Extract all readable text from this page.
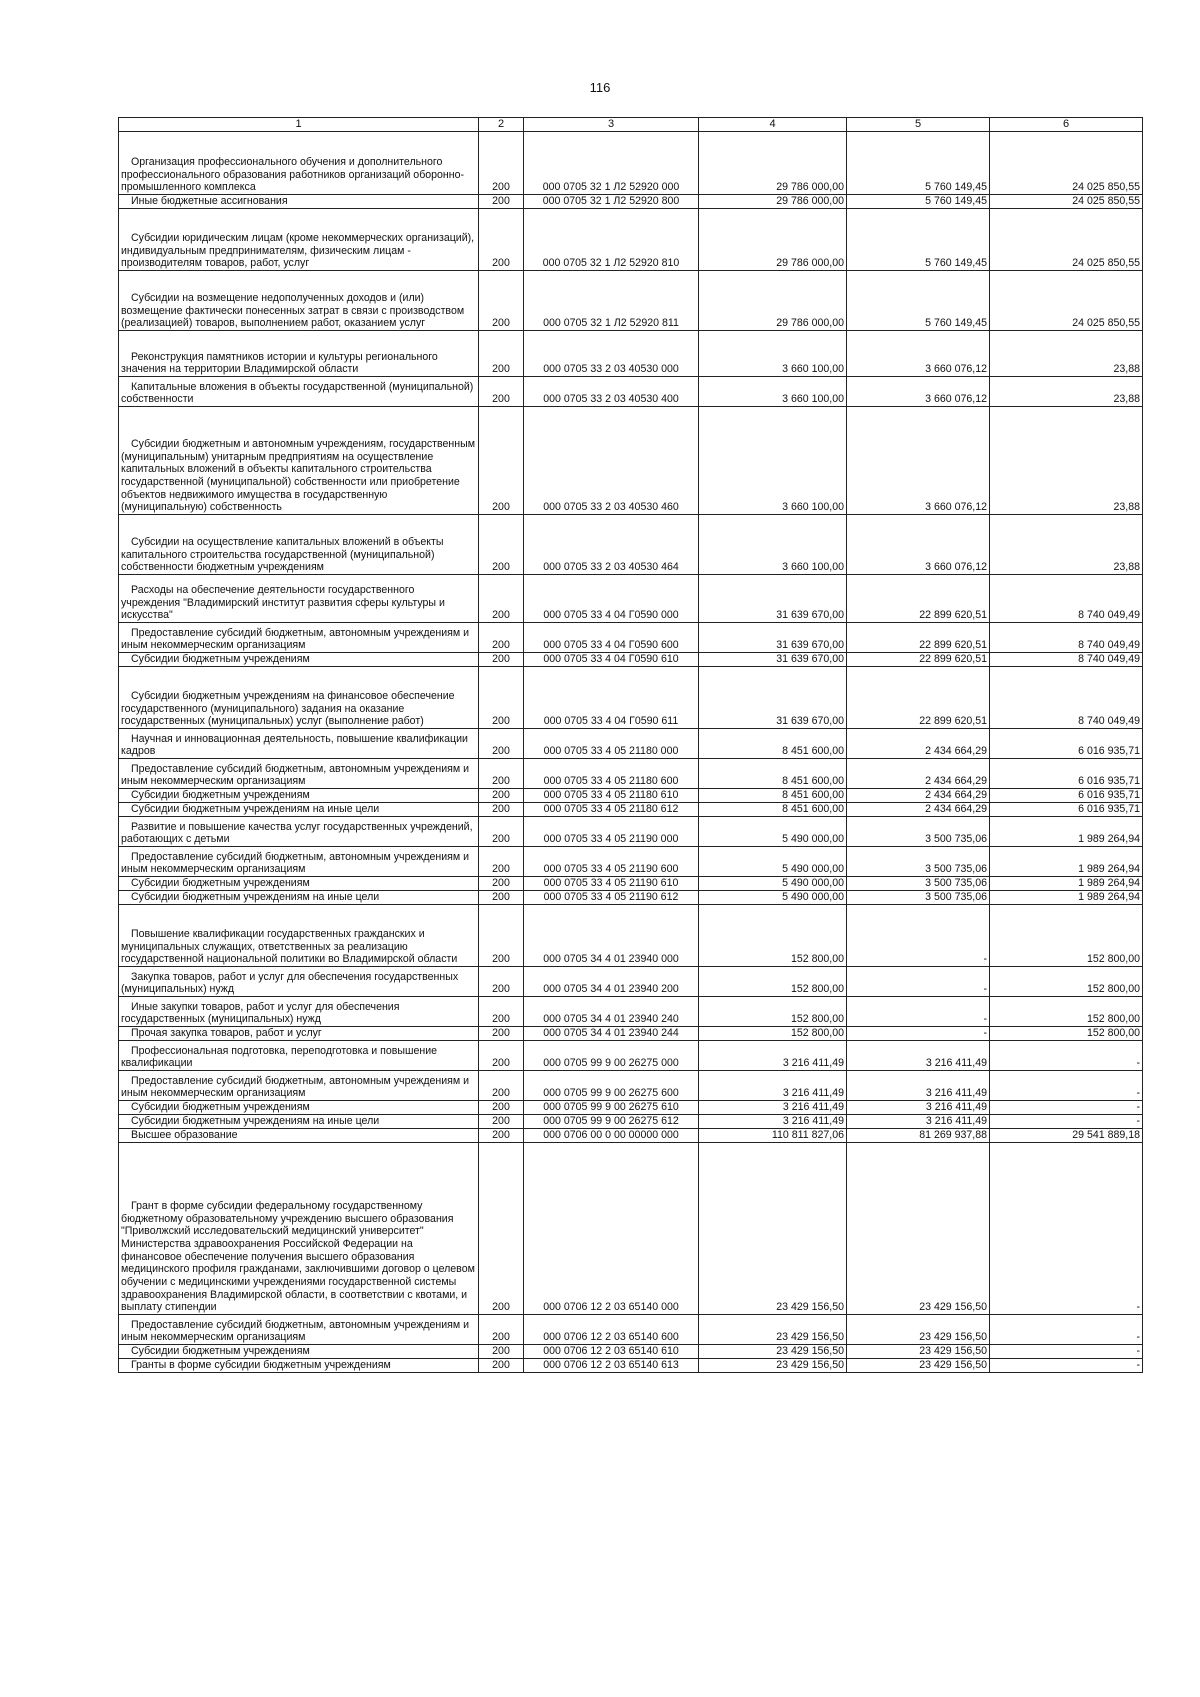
116
1	2	3	4	5	6

Организация профессионального обучения и дополнительного профессионального образования работников организаций оборонно-промышленного комплекса	200	000 0705 32 1 Л2 52920 000	29 786 000,00	5 760 149,45	24 025 850,55

Иные бюджетные ассигнования	200	000 0705 32 1 Л2 52920 800	29 786 000,00	5 760 149,45	24 025 850,55

Субсидии юридическим лицам (кроме некоммерческих организаций), индивидуальным предпринимателям, физическим лицам - производителям товаров, работ, услуг	200	000 0705 32 1 Л2 52920 810	29 786 000,00	5 760 149,45	24 025 850,55

Субсидии на возмещение недополученных доходов и (или) возмещение фактически понесенных затрат в связи с производством (реализацией) товаров, выполнением работ, оказанием услуг	200	000 0705 32 1 Л2 52920 811	29 786 000,00	5 760 149,45	24 025 850,55

Реконструкция памятников истории и культуры регионального значения на территории Владимирской области	200	000 0705 33 2 03 40530 000	3 660 100,00	3 660 076,12	23,88

Капитальные вложения в объекты государственной (муниципальной) собственности	200	000 0705 33 2 03 40530 400	3 660 100,00	3 660 076,12	23,88

Субсидии бюджетным и автономным учреждениям, государственным (муниципальным) унитарным предприятиям на осуществление капитальных вложений в объекты капитального строительства государственной (муниципальной) собственности или приобретение объектов недвижимого имущества в государственную (муниципальную) собственность	200	000 0705 33 2 03 40530 460	3 660 100,00	3 660 076,12	23,88

Субсидии на осуществление капитальных вложений в объекты капитального строительства государственной (муниципальной) собственности бюджетным учреждениям	200	000 0705 33 2 03 40530 464	3 660 100,00	3 660 076,12	23,88

Расходы на обеспечение деятельности государственного учреждения "Владимирский институт развития сферы культуры и искусства"	200	000 0705 33 4 04 Г0590 000	31 639 670,00	22 899 620,51	8 740 049,49

Предоставление субсидий бюджетным, автономным учреждениям и иным некоммерческим организациям	200	000 0705 33 4 04 Г0590 600	31 639 670,00	22 899 620,51	8 740 049,49

Субсидии бюджетным учреждениям	200	000 0705 33 4 04 Г0590 610	31 639 670,00	22 899 620,51	8 740 049,49

Субсидии бюджетным учреждениям на финансовое обеспечение государственного (муниципального) задания на оказание государственных (муниципальных) услуг (выполнение работ)	200	000 0705 33 4 04 Г0590 611	31 639 670,00	22 899 620,51	8 740 049,49

Научная и инновационная деятельность, повышение квалификации кадров	200	000 0705 33 4 05 21180 000	8 451 600,00	2 434 664,29	6 016 935,71

Предоставление субсидий бюджетным, автономным учреждениям и иным некоммерческим организациям	200	000 0705 33 4 05 21180 600	8 451 600,00	2 434 664,29	6 016 935,71

Субсидии бюджетным учреждениям	200	000 0705 33 4 05 21180 610	8 451 600,00	2 434 664,29	6 016 935,71

Субсидии бюджетным учреждениям на иные цели	200	000 0705 33 4 05 21180 612	8 451 600,00	2 434 664,29	6 016 935,71

Развитие и повышение качества услуг государственных учреждений, работающих с детьми	200	000 0705 33 4 05 21190 000	5 490 000,00	3 500 735,06	1 989 264,94

Предоставление субсидий бюджетным, автономным учреждениям и иным некоммерческим организациям	200	000 0705 33 4 05 21190 600	5 490 000,00	3 500 735,06	1 989 264,94

Субсидии бюджетным учреждениям	200	000 0705 33 4 05 21190 610	5 490 000,00	3 500 735,06	1 989 264,94

Субсидии бюджетным учреждениям на иные цели	200	000 0705 33 4 05 21190 612	5 490 000,00	3 500 735,06	1 989 264,94

Повышение квалификации государственных гражданских и муниципальных служащих, ответственных за реализацию государственной национальной политики во Владимирской области	200	000 0705 34 4 01 23940 000	152 800,00	-	152 800,00

Закупка товаров, работ и услуг для обеспечения государственных (муниципальных) нужд	200	000 0705 34 4 01 23940 200	152 800,00	-	152 800,00

Иные закупки товаров, работ и услуг для обеспечения государственных (муниципальных) нужд	200	000 0705 34 4 01 23940 240	152 800,00	-	152 800,00

Прочая закупка товаров, работ и услуг	200	000 0705 34 4 01 23940 244	152 800,00	-	152 800,00

Профессиональная подготовка, переподготовка и повышение квалификации	200	000 0705 99 9 00 26275 000	3 216 411,49	3 216 411,49	-

Предоставление субсидий бюджетным, автономным учреждениям и иным некоммерческим организациям	200	000 0705 99 9 00 26275 600	3 216 411,49	3 216 411,49	-

Субсидии бюджетным учреждениям	200	000 0705 99 9 00 26275 610	3 216 411,49	3 216 411,49	-

Субсидии бюджетным учреждениям на иные цели	200	000 0705 99 9 00 26275 612	3 216 411,49	3 216 411,49	-

Высшее образование	200	000 0706 00 0 00 00000 000	110 811 827,06	81 269 937,88	29 541 889,18

Грант в форме субсидии федеральному государственному бюджетному образовательному учреждению высшего образования "Приволжский исследовательский медицинский университет" Министерства здравоохранения Российской Федерации на финансовое обеспечение получения высшего образования медицинского профиля гражданами, заключившими договор о целевом обучении с медицинскими учреждениями государственной системы здравоохранения Владимирской области, в соответствии с квотами, и выплату стипендии	200	000 0706 12 2 03 65140 000	23 429 156,50	23 429 156,50	-

Предоставление субсидий бюджетным, автономным учреждениям и иным некоммерческим организациям	200	000 0706 12 2 03 65140 600	23 429 156,50	23 429 156,50	-

Субсидии бюджетным учреждениям	200	000 0706 12 2 03 65140 610	23 429 156,50	23 429 156,50	-

Гранты в форме субсидии бюджетным учреждениям	200	000 0706 12 2 03 65140 613	23 429 156,50	23 429 156,50	-
